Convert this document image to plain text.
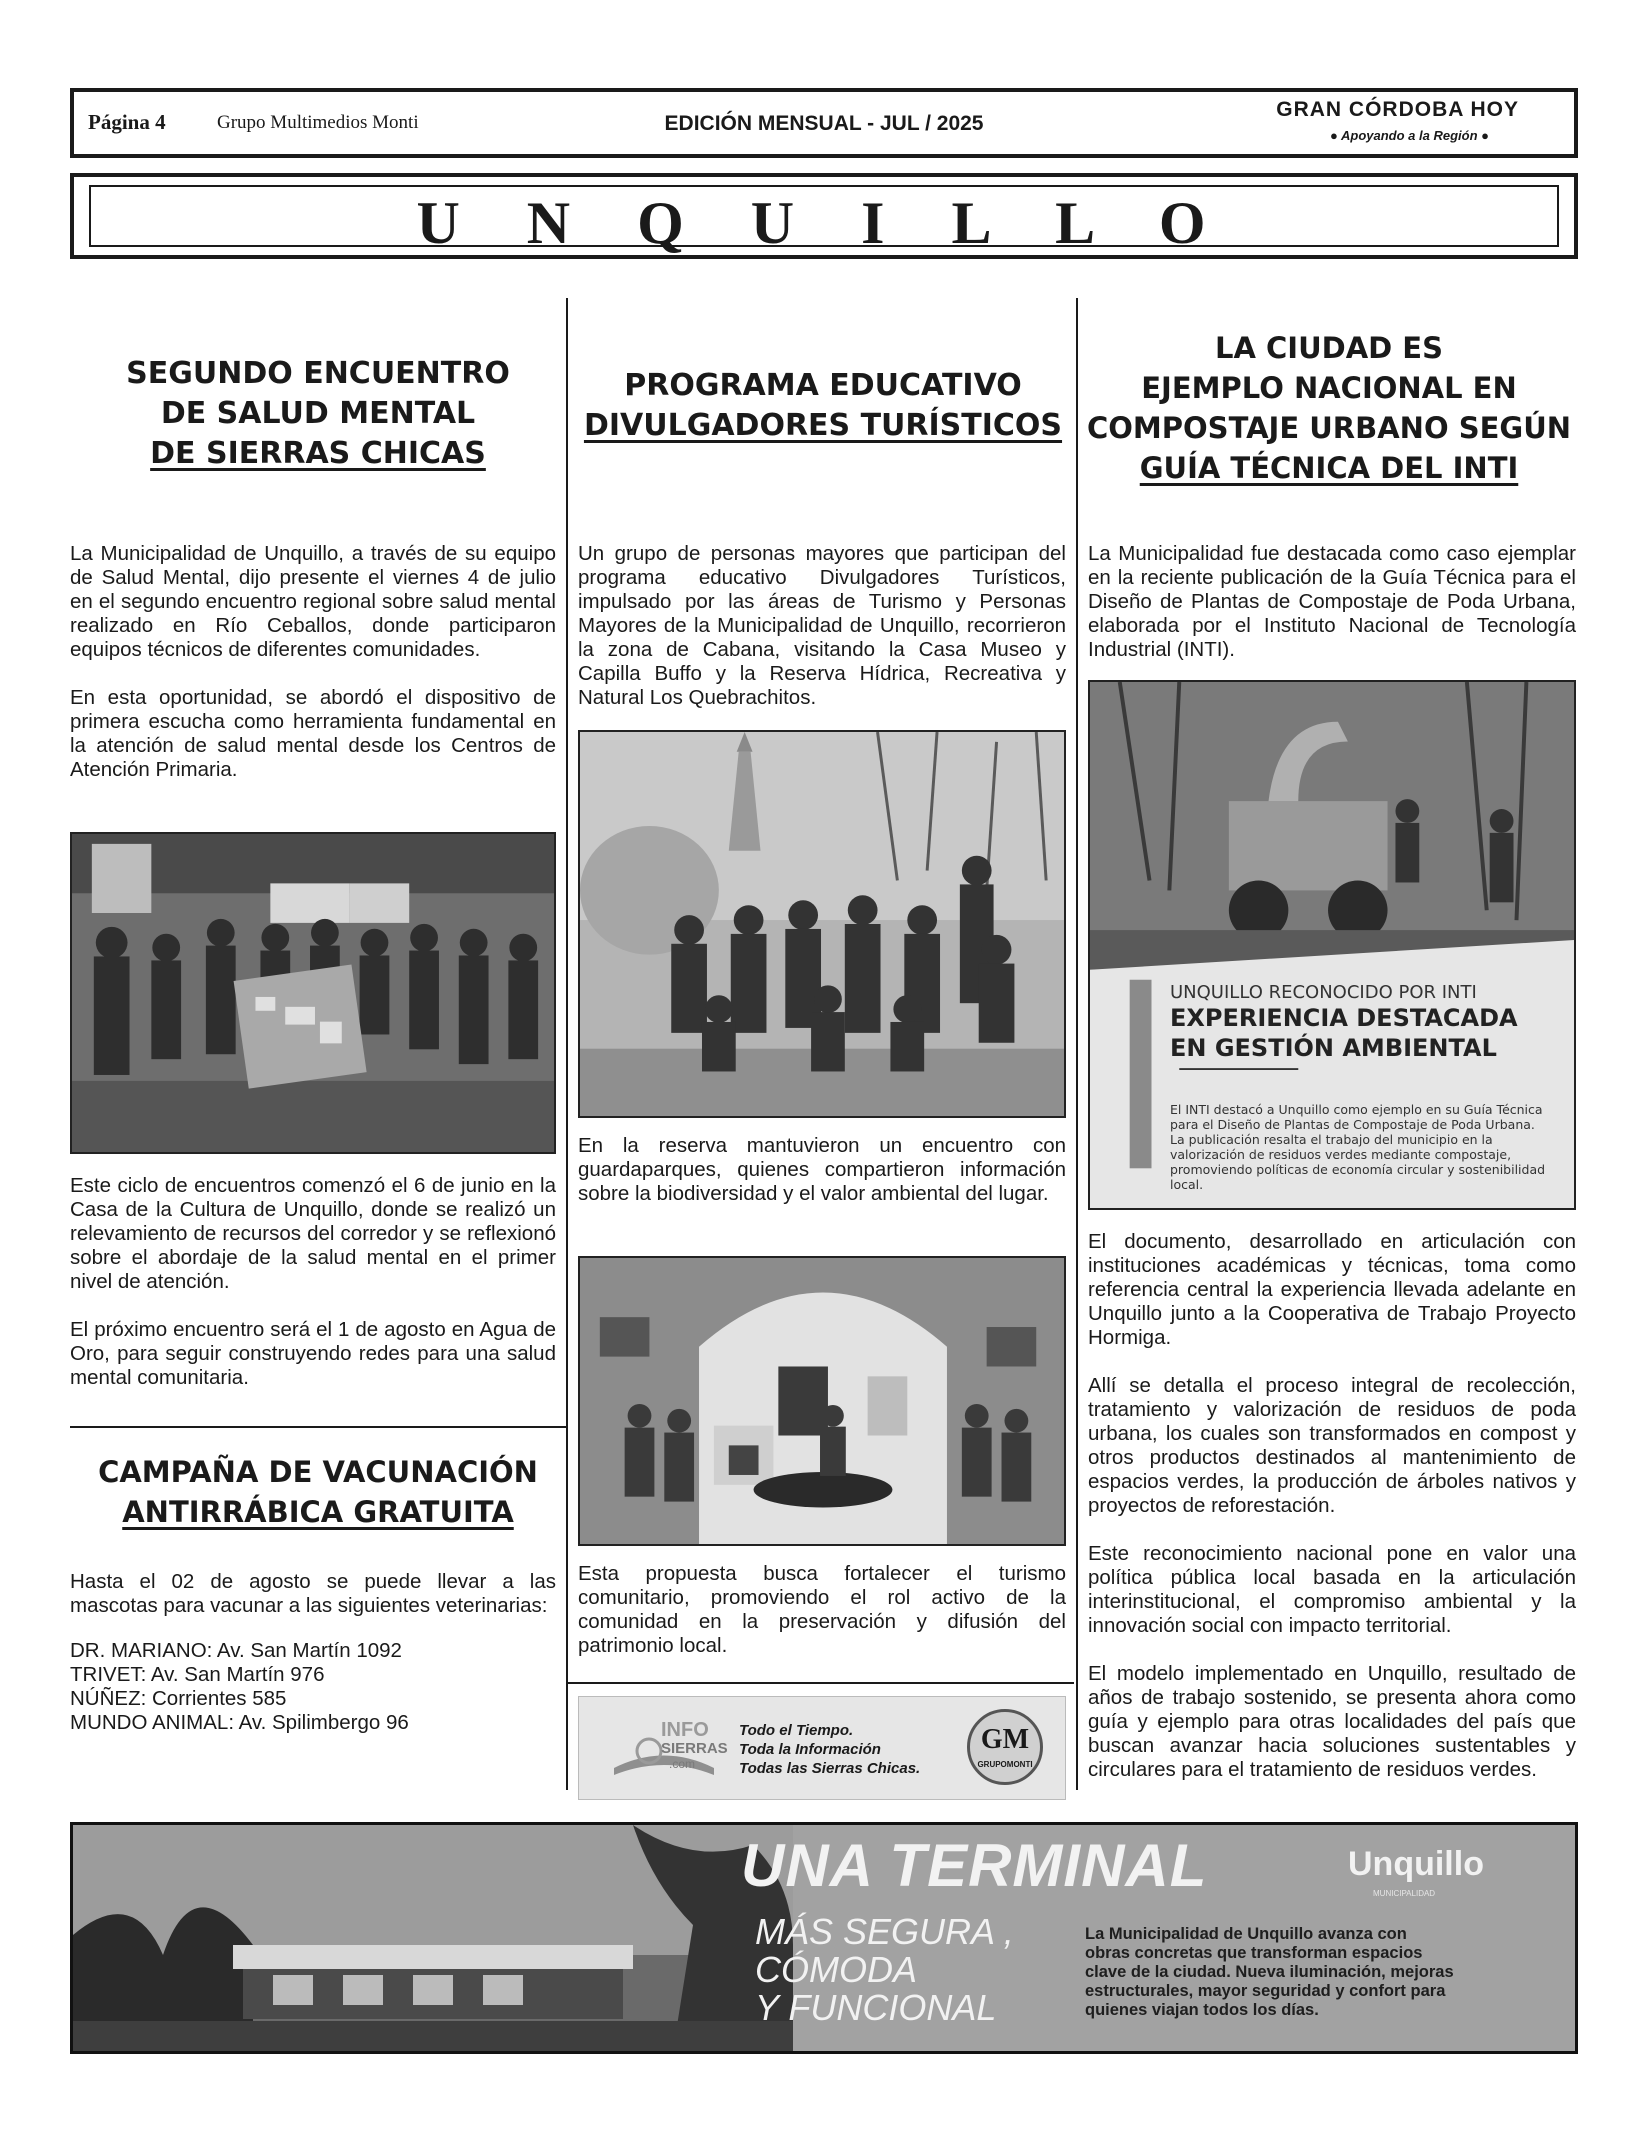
Página 4	Grupo Multimedios Monti	EDICIÓN MENSUAL - JUL / 2025
GRAN CÓRDOBA HOY
● Apoyando a la Región ●
U N Q U I L L O
SEGUNDO ENCUENTRO
DE SALUD MENTAL
DE SIERRAS CHICAS

La Municipalidad de Unquillo, a través de su equipo de Salud Mental, dijo presente el viernes 4 de julio en el segundo encuentro regional sobre salud mental realizado en Río Ceballos, donde participaron equipos técnicos de diferentes comunidades.

En esta oportunidad, se abordó el dispositivo de primera escucha como herramienta fundamental en la atención de salud mental desde los Centros de Atención Primaria.

Este ciclo de encuentros comenzó el 6 de junio en la Casa de la Cultura de Unquillo, donde se realizó un relevamiento de recursos del corredor y se reflexionó sobre el abordaje de la salud mental en el primer nivel de atención.

El próximo encuentro será el 1 de agosto en Agua de Oro, para seguir construyendo redes para una salud mental comunitaria.

CAMPAÑA DE VACUNACIÓN
ANTIRRÁBICA GRATUITA

Hasta el 02 de agosto se puede llevar a las mascotas para vacunar a las siguientes veterinarias:

DR. MARIANO: Av. San Martín 1092
TRIVET: Av. San Martín 976
NÚÑEZ: Corrientes 585
MUNDO ANIMAL: Av. Spilimbergo 96
PROGRAMA EDUCATIVO
DIVULGADORES TURÍSTICOS

Un grupo de personas mayores que participan del programa educativo Divulgadores Turísticos, impulsado por las áreas de Turismo y Personas Mayores de la Municipalidad de Unquillo, recorrieron la zona de Cabana, visitando la Casa Museo y Capilla Buffo y la Reserva Hídrica, Recreativa y Natural Los Quebrachitos.

En la reserva mantuvieron un encuentro con guardaparques, quienes compartieron información sobre la biodiversidad y el valor ambiental del lugar.

Esta propuesta busca fortalecer el turismo comunitario, promoviendo el rol activo de la comunidad en la preservación y difusión del patrimonio local.

INFO
SIERRAS
.com
Todo el Tiempo.
Toda la Información
Todas las Sierras Chicas.
GM
GRUPOMONTI
LA CIUDAD ES
EJEMPLO NACIONAL EN
COMPOSTAJE URBANO SEGÚN
GUÍA TÉCNICA DEL INTI

La Municipalidad fue destacada como caso ejemplar en la reciente publicación de la Guía Técnica para el Diseño de Plantas de Compostaje de Poda Urbana, elaborada por el Instituto Nacional de Tecnología Industrial (INTI).

UNQUILLO RECONOCIDO POR INTI
EXPERIENCIA DESTACADA
EN GESTIÓN AMBIENTAL
El INTI destacó a Unquillo como ejemplo en su Guía Técnica para el Diseño de Plantas de Compostaje de Poda Urbana. La publicación resalta el trabajo del municipio en la valorización de residuos verdes mediante compostaje, promoviendo políticas de economía circular y sostenibilidad local.

El documento, desarrollado en articulación con instituciones académicas y técnicas, toma como referencia central la experiencia llevada adelante en Unquillo junto a la Cooperativa de Trabajo Proyecto Hormiga.

Allí se detalla el proceso integral de recolección, tratamiento y valorización de residuos de poda urbana, los cuales son transformados en compost y otros productos destinados al mantenimiento de espacios verdes, la producción de árboles nativos y proyectos de reforestación.

Este reconocimiento nacional pone en valor una política pública local basada en la articulación interinstitucional, el compromiso ambiental y la innovación social con impacto territorial.

El modelo implementado en Unquillo, resultado de años de trabajo sostenido, se presenta ahora como guía y ejemplo para otras localidades del país que buscan avanzar hacia soluciones sustentables y circulares para el tratamiento de residuos verdes.

UNA TERMINAL
MÁS SEGURA ,
CÓMODA
Y FUNCIONAL
Unquillo
MUNICIPALIDAD
La Municipalidad de Unquillo avanza con
obras concretas que transforman espacios
clave de la ciudad. Nueva iluminación, mejoras
estructurales, mayor seguridad y confort para
quienes viajan todos los días.
